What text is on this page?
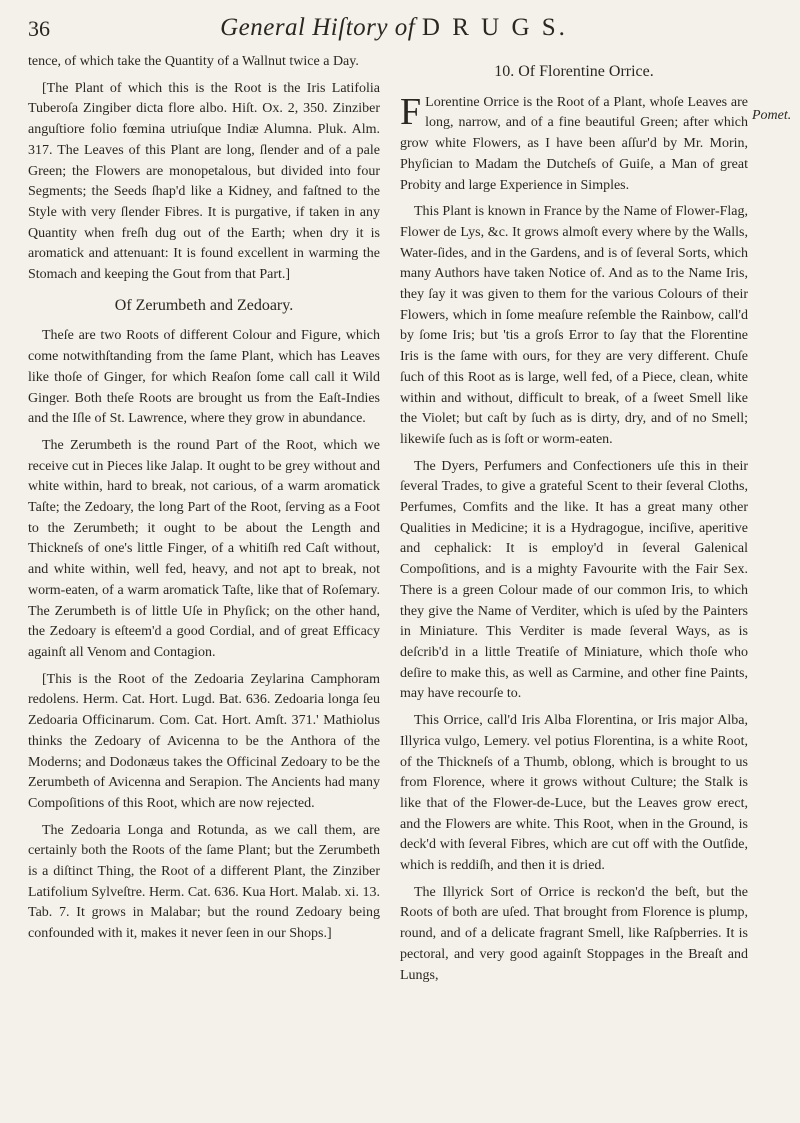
36	General Hiſtory of D R U G S.

tence, of which take the Quantity of a Wallnut twice a Day.

[The Plant of which this is the Root is the Iris Latifolia Tuberoſa Zingiber dicta flore albo. Hiſt. Ox. 2, 350. Zinziber anguſtiore folio fœmina utriuſque Indiæ Alumna. Pluk. Alm. 317. The Leaves of this Plant are long, ſlender and of a pale Green; the Flowers are monopetalous, but divided into four Segments; the Seeds ſhap'd like a Kidney, and faſtned to the Style with very ſlender Fibres. It is purgative, if taken in any Quantity when freſh dug out of the Earth; when dry it is aromatick and attenuant: It is found excellent in warming the Stomach and keeping the Gout from that Part.]

Of Zerumbeth and Zedoary.

Theſe are two Roots of different Colour and Figure, which come notwithſtanding from the ſame Plant, which has Leaves like thoſe of Ginger, for which Reaſon ſome call call it Wild Ginger. Both theſe Roots are brought us from the Eaſt-Indies and the Iſle of St. Lawrence, where they grow in abundance.

The Zerumbeth is the round Part of the Root, which we receive cut in Pieces like Jalap. It ought to be grey without and white within, hard to break, not carious, of a warm aromatick Taſte; the Zedoary, the long Part of the Root, ſerving as a Foot to the Zerumbeth; it ought to be about the Length and Thickneſs of one's little Finger, of a whitiſh red Caſt without, and white within, well fed, heavy, and not apt to break, not worm-eaten, of a warm aromatick Taſte, like that of Roſemary. The Zerumbeth is of little Uſe in Phyſick; on the other hand, the Zedoary is eſteem'd a good Cordial, and of great Efficacy againſt all Venom and Contagion.

[This is the Root of the Zedoaria Zeylarina Camphoram redolens. Herm. Cat. Hort. Lugd. Bat. 636. Zedoaria longa ſeu Zedoaria Officinarum. Com. Cat. Hort. Amſt. 371.' Mathiolus thinks the Zedoary of Avicenna to be the Anthora of the Moderns; and Dodonæus takes the Officinal Zedoary to be the Zerumbeth of Avicenna and Serapion. The Ancients had many Compoſitions of this Root, which are now rejected.

The Zedoaria Longa and Rotunda, as we call them, are certainly both the Roots of the ſame Plant; but the Zerumbeth is a diſtinct Thing, the Root of a different Plant, the Zinziber Latifolium Sylveſtre. Herm. Cat. 636. Kua Hort. Malab. xi. 13. Tab. 7. It grows in Malabar; but the round Zedoary being confounded with it, makes it never ſeen in our Shops.]

10. Of Florentine Orrice.

F Lorentine Orrice is the Root of a Plant, whoſe Leaves are long, narrow, and of a fine beautiful Green; after which grow white Flowers, as I have been aſſur'd by Mr. Morin, Phyſician to Madam the Dutcheſs of Guiſe, a Man of great Probity and large Experience in Simples.

This Plant is known in France by the Name of Flower-Flag, Flower de Lys, &c. It grows almoſt every where by the Walls, Water-ſides, and in the Gardens, and is of ſeveral Sorts, which many Authors have taken Notice of. And as to the Name Iris, they ſay it was given to them for the various Colours of their Flowers, which in ſome meaſure reſemble the Rainbow, call'd by ſome Iris; but 'tis a groſs Error to ſay that the Florentine Iris is the ſame with ours, for they are very different. Chuſe ſuch of this Root as is large, well fed, of a Piece, clean, white within and without, difficult to break, of a ſweet Smell like the Violet; but caſt by ſuch as is dirty, dry, and of no Smell; likewiſe ſuch as is ſoft or worm-eaten.

The Dyers, Perfumers and Confectioners uſe this in their ſeveral Trades, to give a grateful Scent to their ſeveral Cloths, Perfumes, Comfits and the like. It has a great many other Qualities in Medicine; it is a Hydragogue, inciſive, aperitive and cephalick: It is employ'd in ſeveral Galenical Compoſitions, and is a mighty Favourite with the Fair Sex. There is a green Colour made of our common Iris, to which they give the Name of Verditer, which is uſed by the Painters in Miniature. This Verditer is made ſeveral Ways, as is deſcrib'd in a little Treatiſe of Miniature, which thoſe who deſire to make this, as well as Carmine, and other fine Paints, may have recourſe to.

This Orrice, call'd Iris Alba Florentina, or Iris major Alba, Illyrica vulgo, Lemery. vel potius Florentina, is a white Root, of the Thickneſs of a Thumb, oblong, which is brought to us from Florence, where it grows without Culture; the Stalk is like that of the Flower-de-Luce, but the Leaves grow erect, and the Flowers are white. This Root, when in the Ground, is deck'd with ſeveral Fibres, which are cut off with the Outſide, which is reddiſh, and then it is dried.

The Illyrick Sort of Orrice is reckon'd the beſt, but the Roots of both are uſed. That brought from Florence is plump, round, and of a delicate fragrant Smell, like Raſpberries. It is pectoral, and very good againſt Stoppages in the Breaſt and Lungs,

Pomet.
